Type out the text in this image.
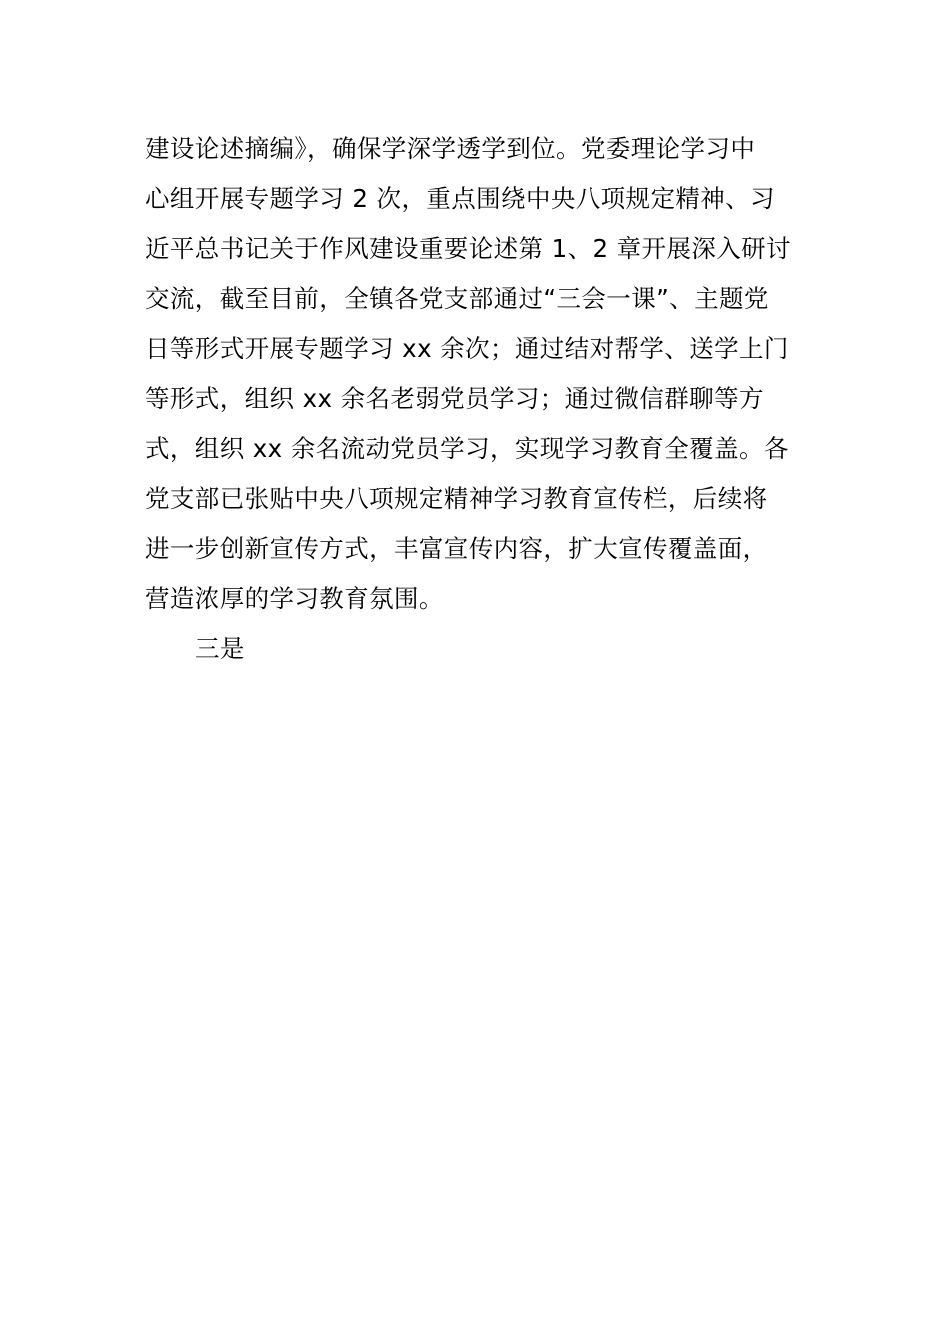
建设论述摘编》，确保学深学透学到位。党委理论学习中
心组开展专题学习 2 次，重点围绕中央八项规定精神、习
近平总书记关于作风建设重要论述第 1、2 章开展深入研讨
交流，截至目前，全镇各党支部通过“三会一课”、主题党
日等形式开展专题学习 xx 余次；通过结对帮学、送学上门
等形式，组织 xx 余名老弱党员学习；通过微信群聊等方
式，组织 xx 余名流动党员学习，实现学习教育全覆盖。各
党支部已张贴中央八项规定精神学习教育宣传栏，后续将
进一步创新宣传方式，丰富宣传内容，扩大宣传覆盖面，
营造浓厚的学习教育氛围。
三是
